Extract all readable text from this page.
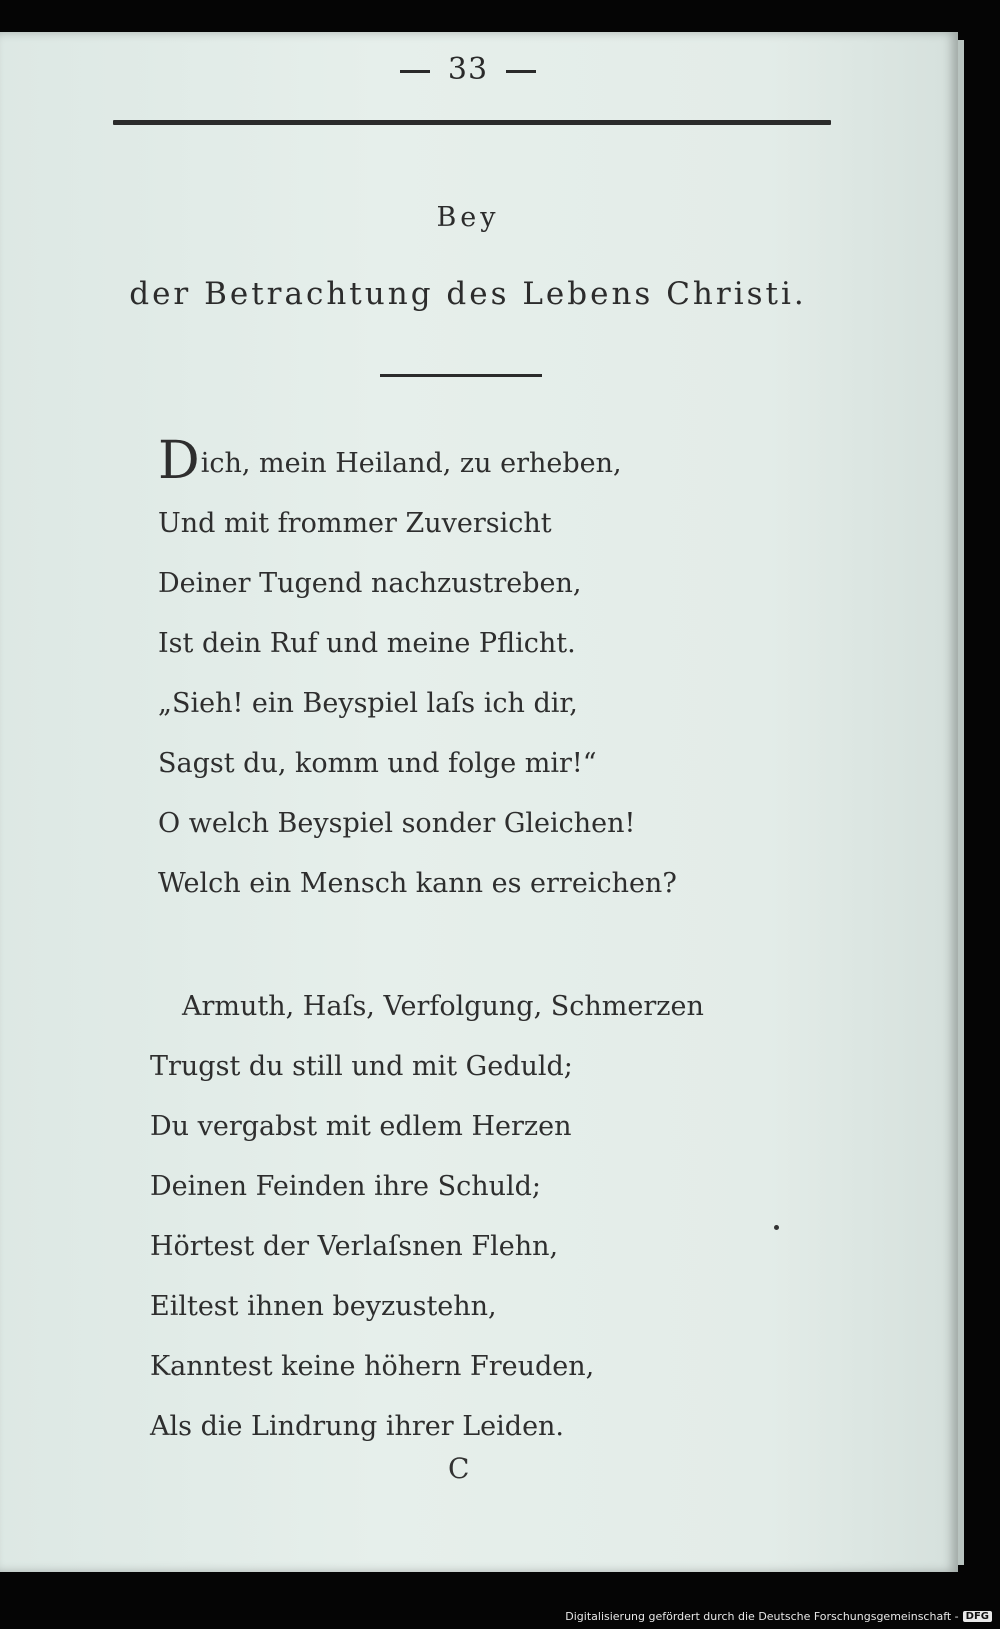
33
Bey
der Betrachtung des Lebens Christi.
Dich, mein Heiland, zu erheben,
Und mit frommer Zuversicht
Deiner Tugend nachzustreben,
Ist dein Ruf und meine Pflicht.
„Sieh! ein Beyspiel laſs ich dir,
Sagst du, komm und folge mir!“
O welch Beyspiel sonder Gleichen!
Welch ein Mensch kann es erreichen?
Armuth, Haſs, Verfolgung, Schmerzen
Trugst du still und mit Geduld;
Du vergabst mit edlem Herzen
Deinen Feinden ihre Schuld;
Hörtest der Verlaſsnen Flehn,
Eiltest ihnen beyzustehn,
Kanntest keine höhern Freuden,
Als die Lindrung ihrer Leiden.
C
Digitalisierung gefördert durch die Deutsche Forschungsgemeinschaft - DFG
